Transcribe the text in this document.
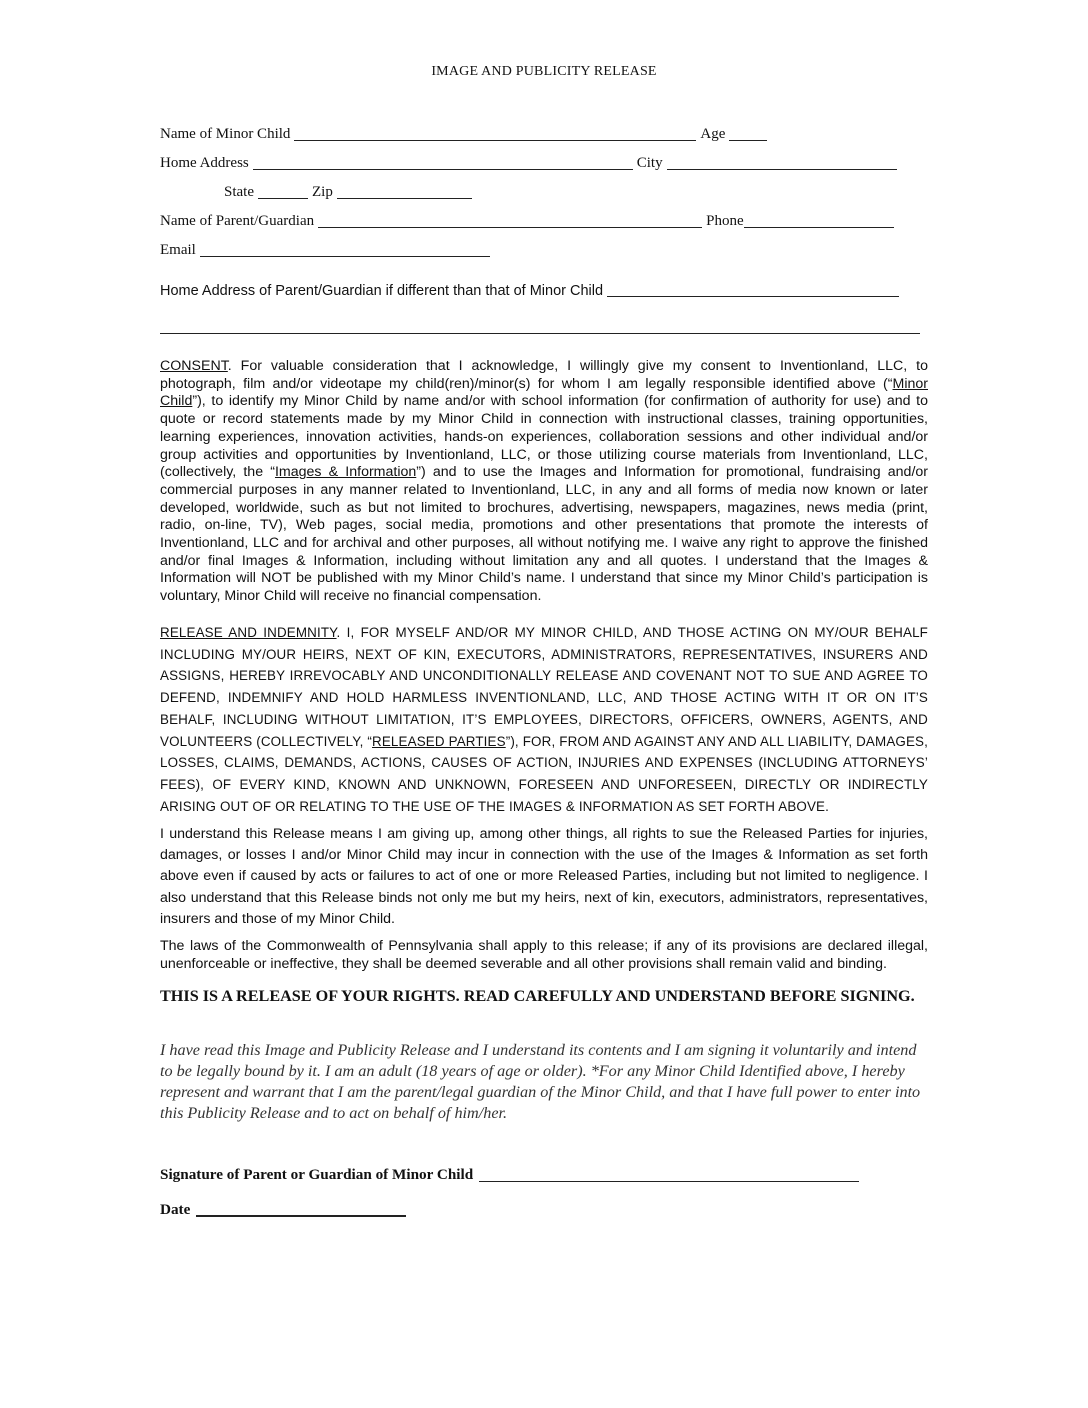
IMAGE AND PUBLICITY RELEASE
Name of Minor Child	Age
Home Address	City
State	Zip
Name of Parent/Guardian	Phone
Email
Home Address of Parent/Guardian if different than that of Minor Child
CONSENT. For valuable consideration that I acknowledge, I willingly give my consent to Inventionland, LLC, to photograph, film and/or videotape my child(ren)/minor(s) for whom I am legally responsible identified above (“Minor Child”), to identify my Minor Child by name and/or with school information (for confirmation of authority for use) and to quote or record statements made by my Minor Child in connection with instructional classes, training opportunities, learning experiences, innovation activities, hands-on experiences, collaboration sessions and other individual and/or group activities and opportunities by Inventionland, LLC, or those utilizing course materials from Inventionland, LLC, (collectively, the “Images & Information”) and to use the Images and Information for promotional, fundraising and/or commercial purposes in any manner related to Inventionland, LLC, in any and all forms of media now known or later developed, worldwide, such as but not limited to brochures, advertising, newspapers, magazines, news media (print, radio, on-line, TV), Web pages, social media, promotions and other presentations that promote the interests of Inventionland, LLC and for archival and other purposes, all without notifying me. I waive any right to approve the finished and/or final Images & Information, including without limitation any and all quotes. I understand that the Images & Information will NOT be published with my Minor Child’s name. I understand that since my Minor Child’s participation is voluntary, Minor Child will receive no financial compensation.
RELEASE AND INDEMNITY. I, FOR MYSELF AND/OR MY MINOR CHILD, AND THOSE ACTING ON MY/OUR BEHALF INCLUDING MY/OUR HEIRS, NEXT OF KIN, EXECUTORS, ADMINISTRATORS, REPRESENTATIVES, INSURERS AND ASSIGNS, HEREBY IRREVOCABLY AND UNCONDITIONALLY RELEASE AND COVENANT NOT TO SUE AND AGREE TO DEFEND, INDEMNIFY AND HOLD HARMLESS INVENTIONLAND, LLC, AND THOSE ACTING WITH IT OR ON IT’S BEHALF, INCLUDING WITHOUT LIMITATION, IT’S EMPLOYEES, DIRECTORS, OFFICERS, OWNERS, AGENTS, AND VOLUNTEERS (COLLECTIVELY, “RELEASED PARTIES”), FOR, FROM AND AGAINST ANY AND ALL LIABILITY, DAMAGES, LOSSES, CLAIMS, DEMANDS, ACTIONS, CAUSES OF ACTION, INJURIES AND EXPENSES (INCLUDING ATTORNEYS’ FEES), OF EVERY KIND, KNOWN AND UNKNOWN, FORESEEN AND UNFORESEEN, DIRECTLY OR INDIRECTLY ARISING OUT OF OR RELATING TO THE USE OF THE IMAGES & INFORMATION AS SET FORTH ABOVE.
I understand this Release means I am giving up, among other things, all rights to sue the Released Parties for injuries, damages, or losses I and/or Minor Child may incur in connection with the use of the Images & Information as set forth above even if caused by acts or failures to act of one or more Released Parties, including but not limited to negligence. I also understand that this Release binds not only me but my heirs, next of kin, executors, administrators, representatives, insurers and those of my Minor Child.
The laws of the Commonwealth of Pennsylvania shall apply to this release; if any of its provisions are declared illegal, unenforceable or ineffective, they shall be deemed severable and all other provisions shall remain valid and binding.
THIS IS A RELEASE OF YOUR RIGHTS. READ CAREFULLY AND UNDERSTAND BEFORE SIGNING.
I have read this Image and Publicity Release and I understand its contents and I am signing it voluntarily and intend to be legally bound by it. I am an adult (18 years of age or older). *For any Minor Child Identified above, I hereby represent and warrant that I am the parent/legal guardian of the Minor Child, and that I have full power to enter into this Publicity Release and to act on behalf of him/her.
Signature of Parent or Guardian of Minor Child
Date
